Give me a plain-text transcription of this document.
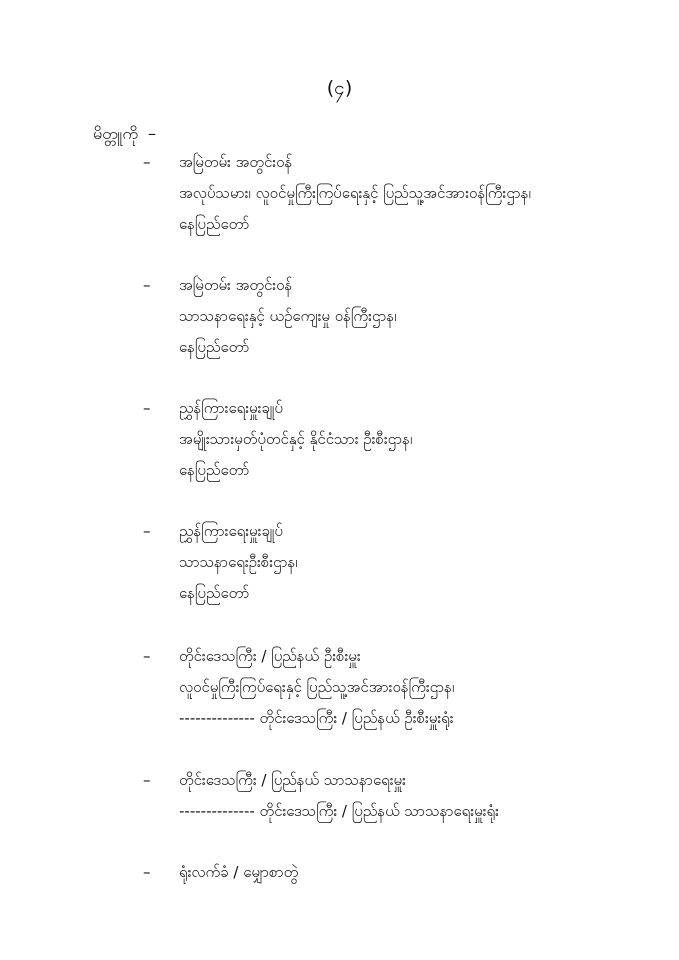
(၄)
မိတ္တူကို –
–	အမြဲတမ်း အတွင်းဝန်
အလုပ်သမား၊ လူဝင်မှုကြီးကြပ်ရေးနှင့် ပြည်သူ့အင်အားဝန်ကြီးဌာန၊
နေပြည်တော်
–	အမြဲတမ်း အတွင်းဝန်
သာသနာရေးနှင့် ယဉ်ကျေးမှု ဝန်ကြီးဌာန၊
နေပြည်တော်
–	ညွှန်ကြားရေးမှူးချုပ်
အမျိုးသားမှတ်ပုံတင်နှင့် နိုင်ငံသား ဦးစီးဌာန၊
နေပြည်တော်
–	ညွှန်ကြားရေးမှူးချုပ်
သာသနာရေးဦးစီးဌာန၊
နေပြည်တော်
–	တိုင်းဒေသကြီး / ပြည်နယ် ဦးစီးမှူး
လူဝင်မှုကြီးကြပ်ရေးနှင့် ပြည်သူ့အင်အားဝန်ကြီးဌာန၊
-------------- တိုင်းဒေသကြီး / ပြည်နယ် ဦးစီးမှူးရုံး
–	တိုင်းဒေသကြီး / ပြည်နယ် သာသနာရေးမှူး
-------------- တိုင်းဒေသကြီး / ပြည်နယ် သာသနာရေးမှူးရုံး
–	ရုံးလက်ခံ / မျှောစာတွဲ
